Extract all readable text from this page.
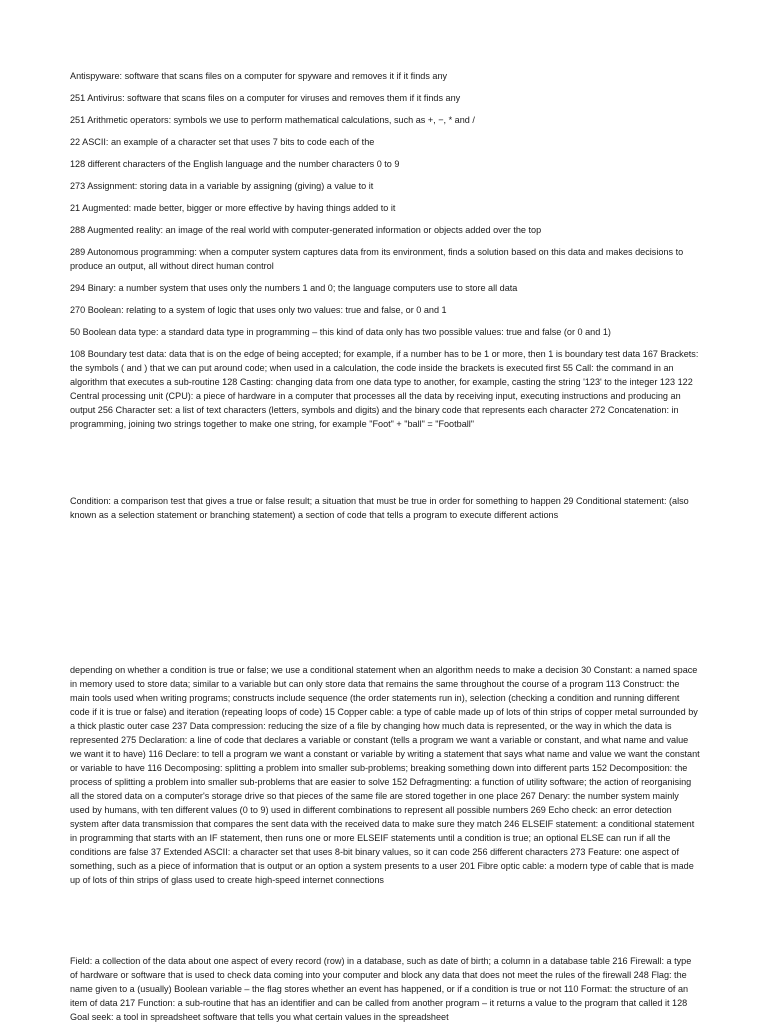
Antispyware: software that scans files on a computer for spyware and removes it if it finds any

251 Antivirus: software that scans files on a computer for viruses and removes them if it finds any

251 Arithmetic operators: symbols we use to perform mathematical calculations, such as +, −, * and /

22 ASCII: an example of a character set that uses 7 bits to code each of the

128 different characters of the English language and the number characters 0 to 9

273 Assignment: storing data in a variable by assigning (giving) a value to it

21 Augmented: made better, bigger or more effective by having things added to it

288 Augmented reality: an image of the real world with computer-generated information or objects added over the top

289 Autonomous programming: when a computer system captures data from its environment, finds a solution based on this data and makes decisions to produce an output, all without direct human control

294 Binary: a number system that uses only the numbers 1 and 0; the language computers use to store all data

270 Boolean: relating to a system of logic that uses only two values: true and false, or 0 and 1

50 Boolean data type: a standard data type in programming – this kind of data only has two possible values: true and false (or 0 and 1)

108 Boundary test data: data that is on the edge of being accepted; for example, if a number has to be 1 or more, then 1 is boundary test data 167 Brackets: the symbols ( and ) that we can put around code; when used in a calculation, the code inside the brackets is executed first 55 Call: the command in an algorithm that executes a sub-routine 128 Casting: changing data from one data type to another, for example, casting the string '123' to the integer 123 122 Central processing unit (CPU): a piece of hardware in a computer that processes all the data by receiving input, executing instructions and producing an output 256 Character set: a list of text characters (letters, symbols and digits) and the binary code that represents each character 272 Concatenation: in programming, joining two strings together to make one string, for example "Foot" + "ball" = "Football"

Condition: a comparison test that gives a true or false result; a situation that must be true in order for something to happen 29 Conditional statement: (also known as a selection statement or branching statement) a section of code that tells a program to execute different actions

depending on whether a condition is true or false; we use a conditional statement when an algorithm needs to make a decision 30 Constant: a named space in memory used to store data; similar to a variable but can only store data that remains the same throughout the course of a program 113 Construct: the main tools used when writing programs; constructs include sequence (the order statements run in), selection (checking a condition and running different code if it is true or false) and iteration (repeating loops of code) 15 Copper cable: a type of cable made up of lots of thin strips of copper metal surrounded by a thick plastic outer case 237 Data compression: reducing the size of a file by changing how much data is represented, or the way in which the data is represented 275 Declaration: a line of code that declares a variable or constant (tells a program we want a variable or constant, and what name and value we want it to have) 116 Declare: to tell a program we want a constant or variable by writing a statement that says what name and value we want the constant or variable to have 116 Decomposing: splitting a problem into smaller sub-problems; breaking something down into different parts 152 Decomposition: the process of splitting a problem into smaller sub-problems that are easier to solve 152 Defragmenting: a function of utility software; the action of reorganising all the stored data on a computer's storage drive so that pieces of the same file are stored together in one place 267 Denary: the number system mainly used by humans, with ten different values (0 to 9) used in different combinations to represent all possible numbers 269 Echo check: an error detection system after data transmission that compares the sent data with the received data to make sure they match 246 ELSEIF statement: a conditional statement in programming that starts with an IF statement, then runs one or more ELSEIF statements until a condition is true; an optional ELSE can run if all the conditions are false 37 Extended ASCII: a character set that uses 8-bit binary values, so it can code 256 different characters 273 Feature: one aspect of something, such as a piece of information that is output or an option a system presents to a user 201 Fibre optic cable: a modern type of cable that is made up of lots of thin strips of glass used to create high-speed internet connections

Field: a collection of the data about one aspect of every record (row) in a database, such as date of birth; a column in a database table 216 Firewall: a type of hardware or software that is used to check data coming into your computer and block any data that does not meet the rules of the firewall 248 Flag: the name given to a (usually) Boolean variable – the flag stores whether an event has happened, or if a condition is true or not 110 Format: the structure of an item of data 217 Function: a sub-routine that has an identifier and can be called from another program – it returns a value to the program that called it 128 Goal seek: a tool in spreadsheet software that tells you what certain values in the spreadsheet
